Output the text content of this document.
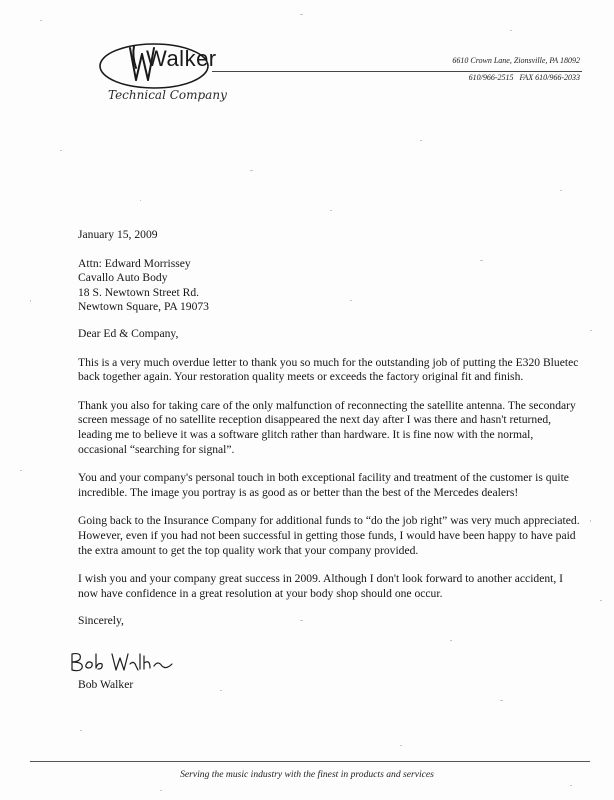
Walker
Technical Company
6610 Crown Lane, Zionsville, PA 18092
610/966-2515 FAX 610/966-2033
January 15, 2009
Attn: Edward Morrissey
Cavallo Auto Body
18 S. Newtown Street Rd.
Newtown Square, PA 19073
Dear Ed & Company,
This is a very much overdue letter to thank you so much for the outstanding job of putting the E320 Bluetec back together again. Your restoration quality meets or exceeds the factory original fit and finish.
Thank you also for taking care of the only malfunction of reconnecting the satellite antenna. The secondary screen message of no satellite reception disappeared the next day after I was there and hasn't returned, leading me to believe it was a software glitch rather than hardware. It is fine now with the normal, occasional “searching for signal”.
You and your company's personal touch in both exceptional facility and treatment of the customer is quite incredible. The image you portray is as good as or better than the best of the Mercedes dealers!
Going back to the Insurance Company for additional funds to “do the job right” was very much appreciated. However, even if you had not been successful in getting those funds, I would have been happy to have paid the extra amount to get the top quality work that your company provided.
I wish you and your company great success in 2009. Although I don't look forward to another accident, I now have confidence in a great resolution at your body shop should one occur.
Sincerely,
Bob Walker
Serving the music industry with the finest in products and services
